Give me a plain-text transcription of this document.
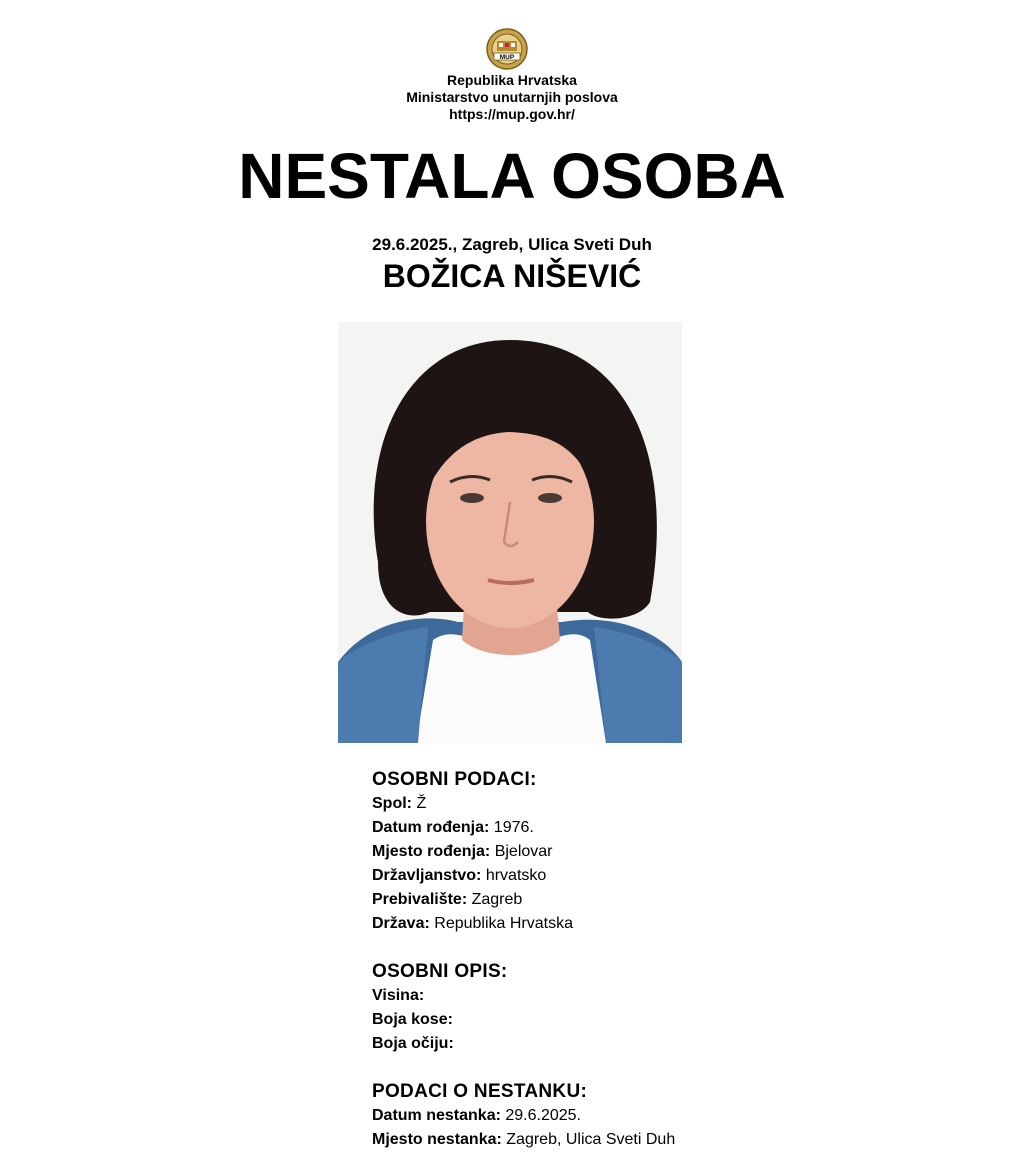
MUP
Republika Hrvatska
Ministarstvo unutarnjih poslova
https://mup.gov.hr/
NESTALA OSOBA
29.6.2025., Zagreb, Ulica Sveti Duh
BOŽICA NIŠEVIĆ
OSOBNI PODACI:
Spol: Ž
Datum rođenja: 1976.
Mjesto rođenja: Bjelovar
Državljanstvo: hrvatsko
Prebivalište: Zagreb
Država: Republika Hrvatska
OSOBNI OPIS:
Visina:
Boja kose:
Boja očiju:
PODACI O NESTANKU:
Datum nestanka: 29.6.2025.
Mjesto nestanka: Zagreb, Ulica Sveti Duh
